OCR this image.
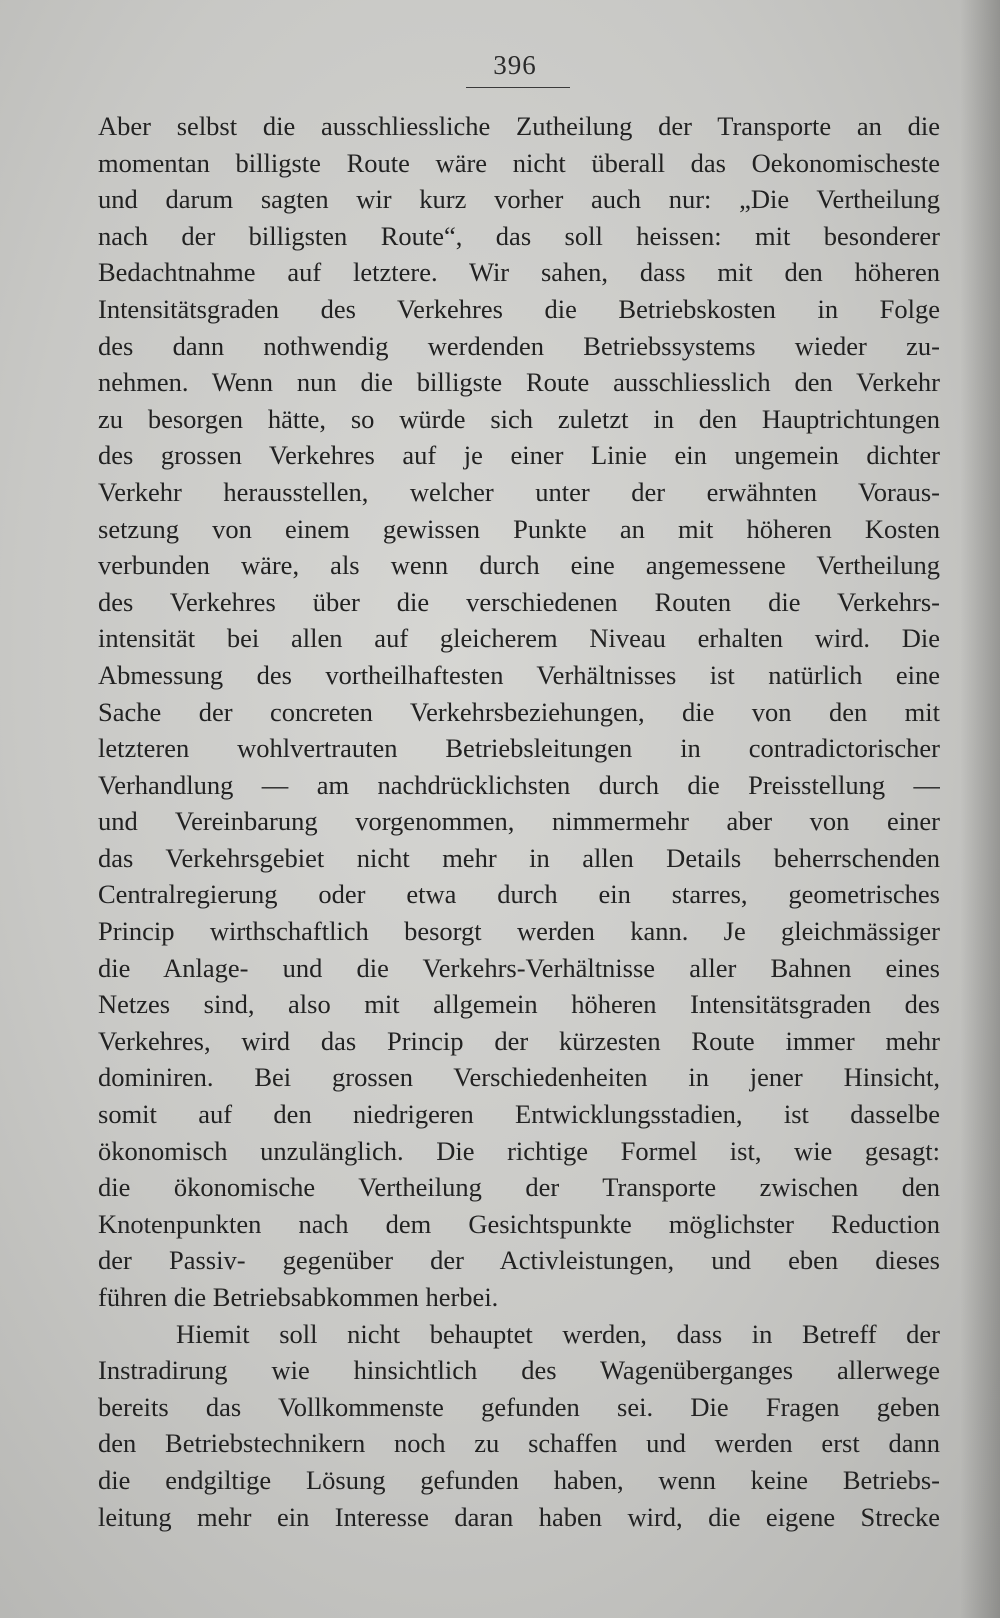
396
Aber selbst die ausschliessliche Zutheilung der Transporte an die
momentan billigste Route wäre nicht überall das Oekonomischeste
und darum sagten wir kurz vorher auch nur: „Die Vertheilung
nach der billigsten Route“, das soll heissen: mit besonderer
Bedachtnahme auf letztere. Wir sahen, dass mit den höheren
Intensitätsgraden des Verkehres die Betriebskosten in Folge
des dann nothwendig werdenden Betriebssystems wieder zu-
nehmen. Wenn nun die billigste Route ausschliesslich den Verkehr
zu besorgen hätte, so würde sich zuletzt in den Hauptrichtungen
des grossen Verkehres auf je einer Linie ein ungemein dichter
Verkehr herausstellen, welcher unter der erwähnten Voraus-
setzung von einem gewissen Punkte an mit höheren Kosten
verbunden wäre, als wenn durch eine angemessene Vertheilung
des Verkehres über die verschiedenen Routen die Verkehrs-
intensität bei allen auf gleicherem Niveau erhalten wird. Die
Abmessung des vortheilhaftesten Verhältnisses ist natürlich eine
Sache der concreten Verkehrsbeziehungen, die von den mit
letzteren wohlvertrauten Betriebsleitungen in contradictorischer
Verhandlung — am nachdrücklichsten durch die Preisstellung —
und Vereinbarung vorgenommen, nimmermehr aber von einer
das Verkehrsgebiet nicht mehr in allen Details beherrschenden
Centralregierung oder etwa durch ein starres, geometrisches
Princip wirthschaftlich besorgt werden kann. Je gleichmässiger
die Anlage- und die Verkehrs-Verhältnisse aller Bahnen eines
Netzes sind, also mit allgemein höheren Intensitätsgraden des
Verkehres, wird das Princip der kürzesten Route immer mehr
dominiren. Bei grossen Verschiedenheiten in jener Hinsicht,
somit auf den niedrigeren Entwicklungsstadien, ist dasselbe
ökonomisch unzulänglich. Die richtige Formel ist, wie gesagt:
die ökonomische Vertheilung der Transporte zwischen den
Knotenpunkten nach dem Gesichtspunkte möglichster Reduction
der Passiv- gegenüber der Activleistungen, und eben dieses
führen die Betriebsabkommen herbei.
Hiemit soll nicht behauptet werden, dass in Betreff der
Instradirung wie hinsichtlich des Wagenüberganges allerwege
bereits das Vollkommenste gefunden sei. Die Fragen geben
den Betriebstechnikern noch zu schaffen und werden erst dann
die endgiltige Lösung gefunden haben, wenn keine Betriebs-
leitung mehr ein Interesse daran haben wird, die eigene Strecke
